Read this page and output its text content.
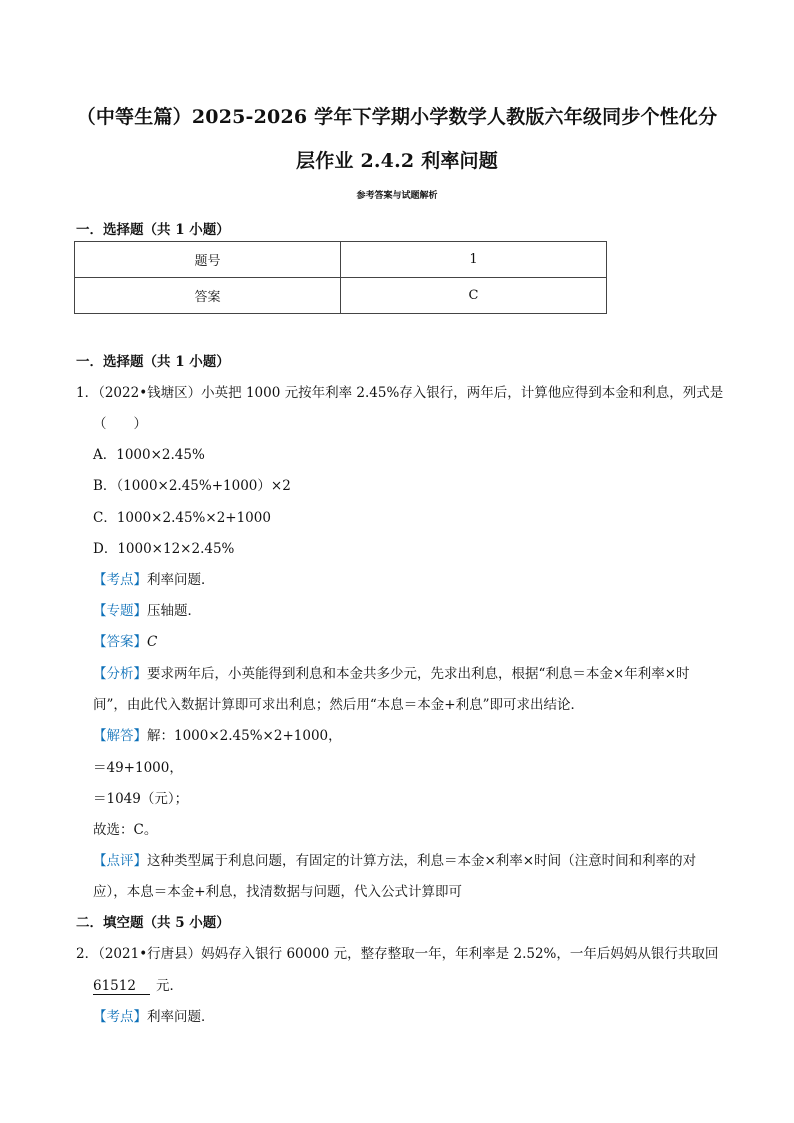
（中等生篇）2025-2026 学年下学期小学数学人教版六年级同步个性化分
层作业 2.4.2 利率问题
参考答案与试题解析
一．选择题（共 1 小题）
题号	1
答案	C
一．选择题（共 1 小题）
1．（2022•钱塘区）小英把 1000 元按年利率 2.45%存入银行，两年后，计算他应得到本金和利息，列式是
（　　）
A．1000×2.45%
B．（1000×2.45%+1000）×2
C．1000×2.45%×2+1000
D．1000×12×2.45%
【考点】利率问题．
【专题】压轴题．
【答案】C
【分析】要求两年后，小英能得到利息和本金共多少元，先求出利息，根据“利息＝本金×年利率×时
间”，由此代入数据计算即可求出利息；然后用“本息＝本金+利息”即可求出结论．
【解答】解：1000×2.45%×2+1000，
＝49+1000，
＝1049（元）；
故选：C。
【点评】这种类型属于利息问题，有固定的计算方法，利息＝本金×利率×时间（注意时间和利率的对
应），本息＝本金+利息，找清数据与问题，代入公式计算即可
二．填空题（共 5 小题）
2．（2021•行唐县）妈妈存入银行 60000 元，整存整取一年，年利率是 2.52%，一年后妈妈从银行共取回
61512 元．
【考点】利率问题．
